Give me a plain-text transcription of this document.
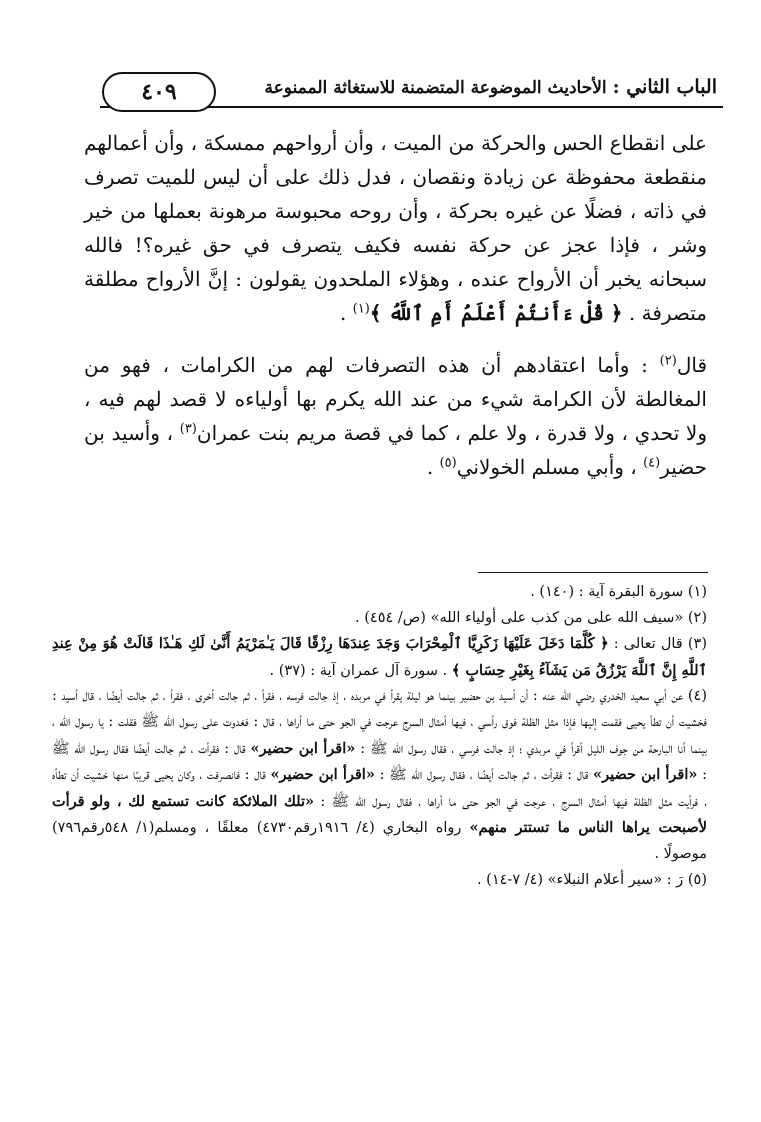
٤٠٩	الباب الثاني : الأحاديث الموضوعة المتضمنة للاستغاثة الممنوعة

على انقطاع الحس والحركة من الميت ، وأن أرواحهم ممسكة ، وأن أعمالهم منقطعة محفوظة عن زيادة ونقصان ، فدل ذلك على أن ليس للميت تصرف في ذاته ، فضلًا عن غيره بحركة ، وأن روحه محبوسة مرهونة بعملها من خير وشر ، فإذا عجز عن حركة نفسه فكيف يتصرف في حق غيره؟! فالله سبحانه يخبر أن الأرواح عنده ، وهؤلاء الملحدون يقولون : إنَّ الأرواح مطلقة متصرفة . ﴿ قُلْ ءَأَنتُمْ أَعْلَمُ أَمِ ٱللَّهُ ﴾$^{(١)}$ .

قال$^{(٢)}$ : وأما اعتقادهم أن هذه التصرفات لهم من الكرامات ، فهو من المغالطة لأن الكرامة شيء من عند الله يكرم بها أولياءه لا قصد لهم فيه ، ولا تحدي ، ولا قدرة ، ولا علم ، كما في قصة مريم بنت عمران$^{(٣)}$ ، وأسيد بن حضير$^{(٤)}$ ، وأبي مسلم الخولاني$^{(٥)}$ .

(١) سورة البقرة آية : (١٤٠) .

(٢) «سيف الله على من كذب على أولياء الله» (ص/ ٤٥٤) .

(٣) قال تعالى : ﴿ كُلَّمَا دَخَلَ عَلَيْهَا زَكَرِيَّا ٱلْمِحْرَابَ وَجَدَ عِندَهَا رِزْقًا قَالَ يَـٰمَرْيَمُ أَنَّىٰ لَكِ هَـٰذَا قَالَتْ هُوَ مِنْ عِندِ ٱللَّهِ إِنَّ ٱللَّهَ يَرْزُقُ مَن يَشَآءُ بِغَيْرِ حِسَابٍ ﴾ . سورة آل عمران آية : (٣٧) .

(٤) عن أبي سعيد الخدري رضي الله عنه : أن أسيد بن حضير بينما هو ليلة يقرأ في مربده ، إذ جالت فرسه ، فقرأ ، ثم جالت أخرى ، فقرأ ، ثم جالت أيضًا ، قال أسيد : فخشيت أن تطأ يحيى فقمت إليها فإذا مثل الظلة فوق رأسي ، فيها أمثال السرج عرجت في الجو حتى ما أراها ، قال : فغدوت على رسول الله ﷺ فقلت : يا رسول الله ، بينما أنا البارحة من جوف الليل أقرأ في مربدي ؛ إذ جالت فرسي ، فقال رسول الله ﷺ : «اقرأ ابن حضير» قال : فقرأت ، ثم جالت أيضًا فقال رسول الله ﷺ : «اقرأ ابن حضير» قال : فقرأت ، ثم جالت أيضًا ، فقال رسول الله ﷺ : «اقرأ ابن حضير» قال : فانصرفت ، وكان يحيى قريبًا منها خشيت أن تطأه ، فرأيت مثل الظلة فيها أمثال السرج ، عرجت في الجو حتى ما أراها ، فقال رسول الله ﷺ : «تلك الملائكة كانت تستمع لك ، ولو قرأت لأصبحت يراها الناس ما تستتر منهم» رواه البخاري (٤/ ١٩١٦رقم٤٧٣٠) معلقًا ، ومسلم(١/ ٥٤٨رقم٧٩٦) موصولًا .

(٥) رَ : «سير أعلام النبلاء» (٤/ ٧-١٤) .
